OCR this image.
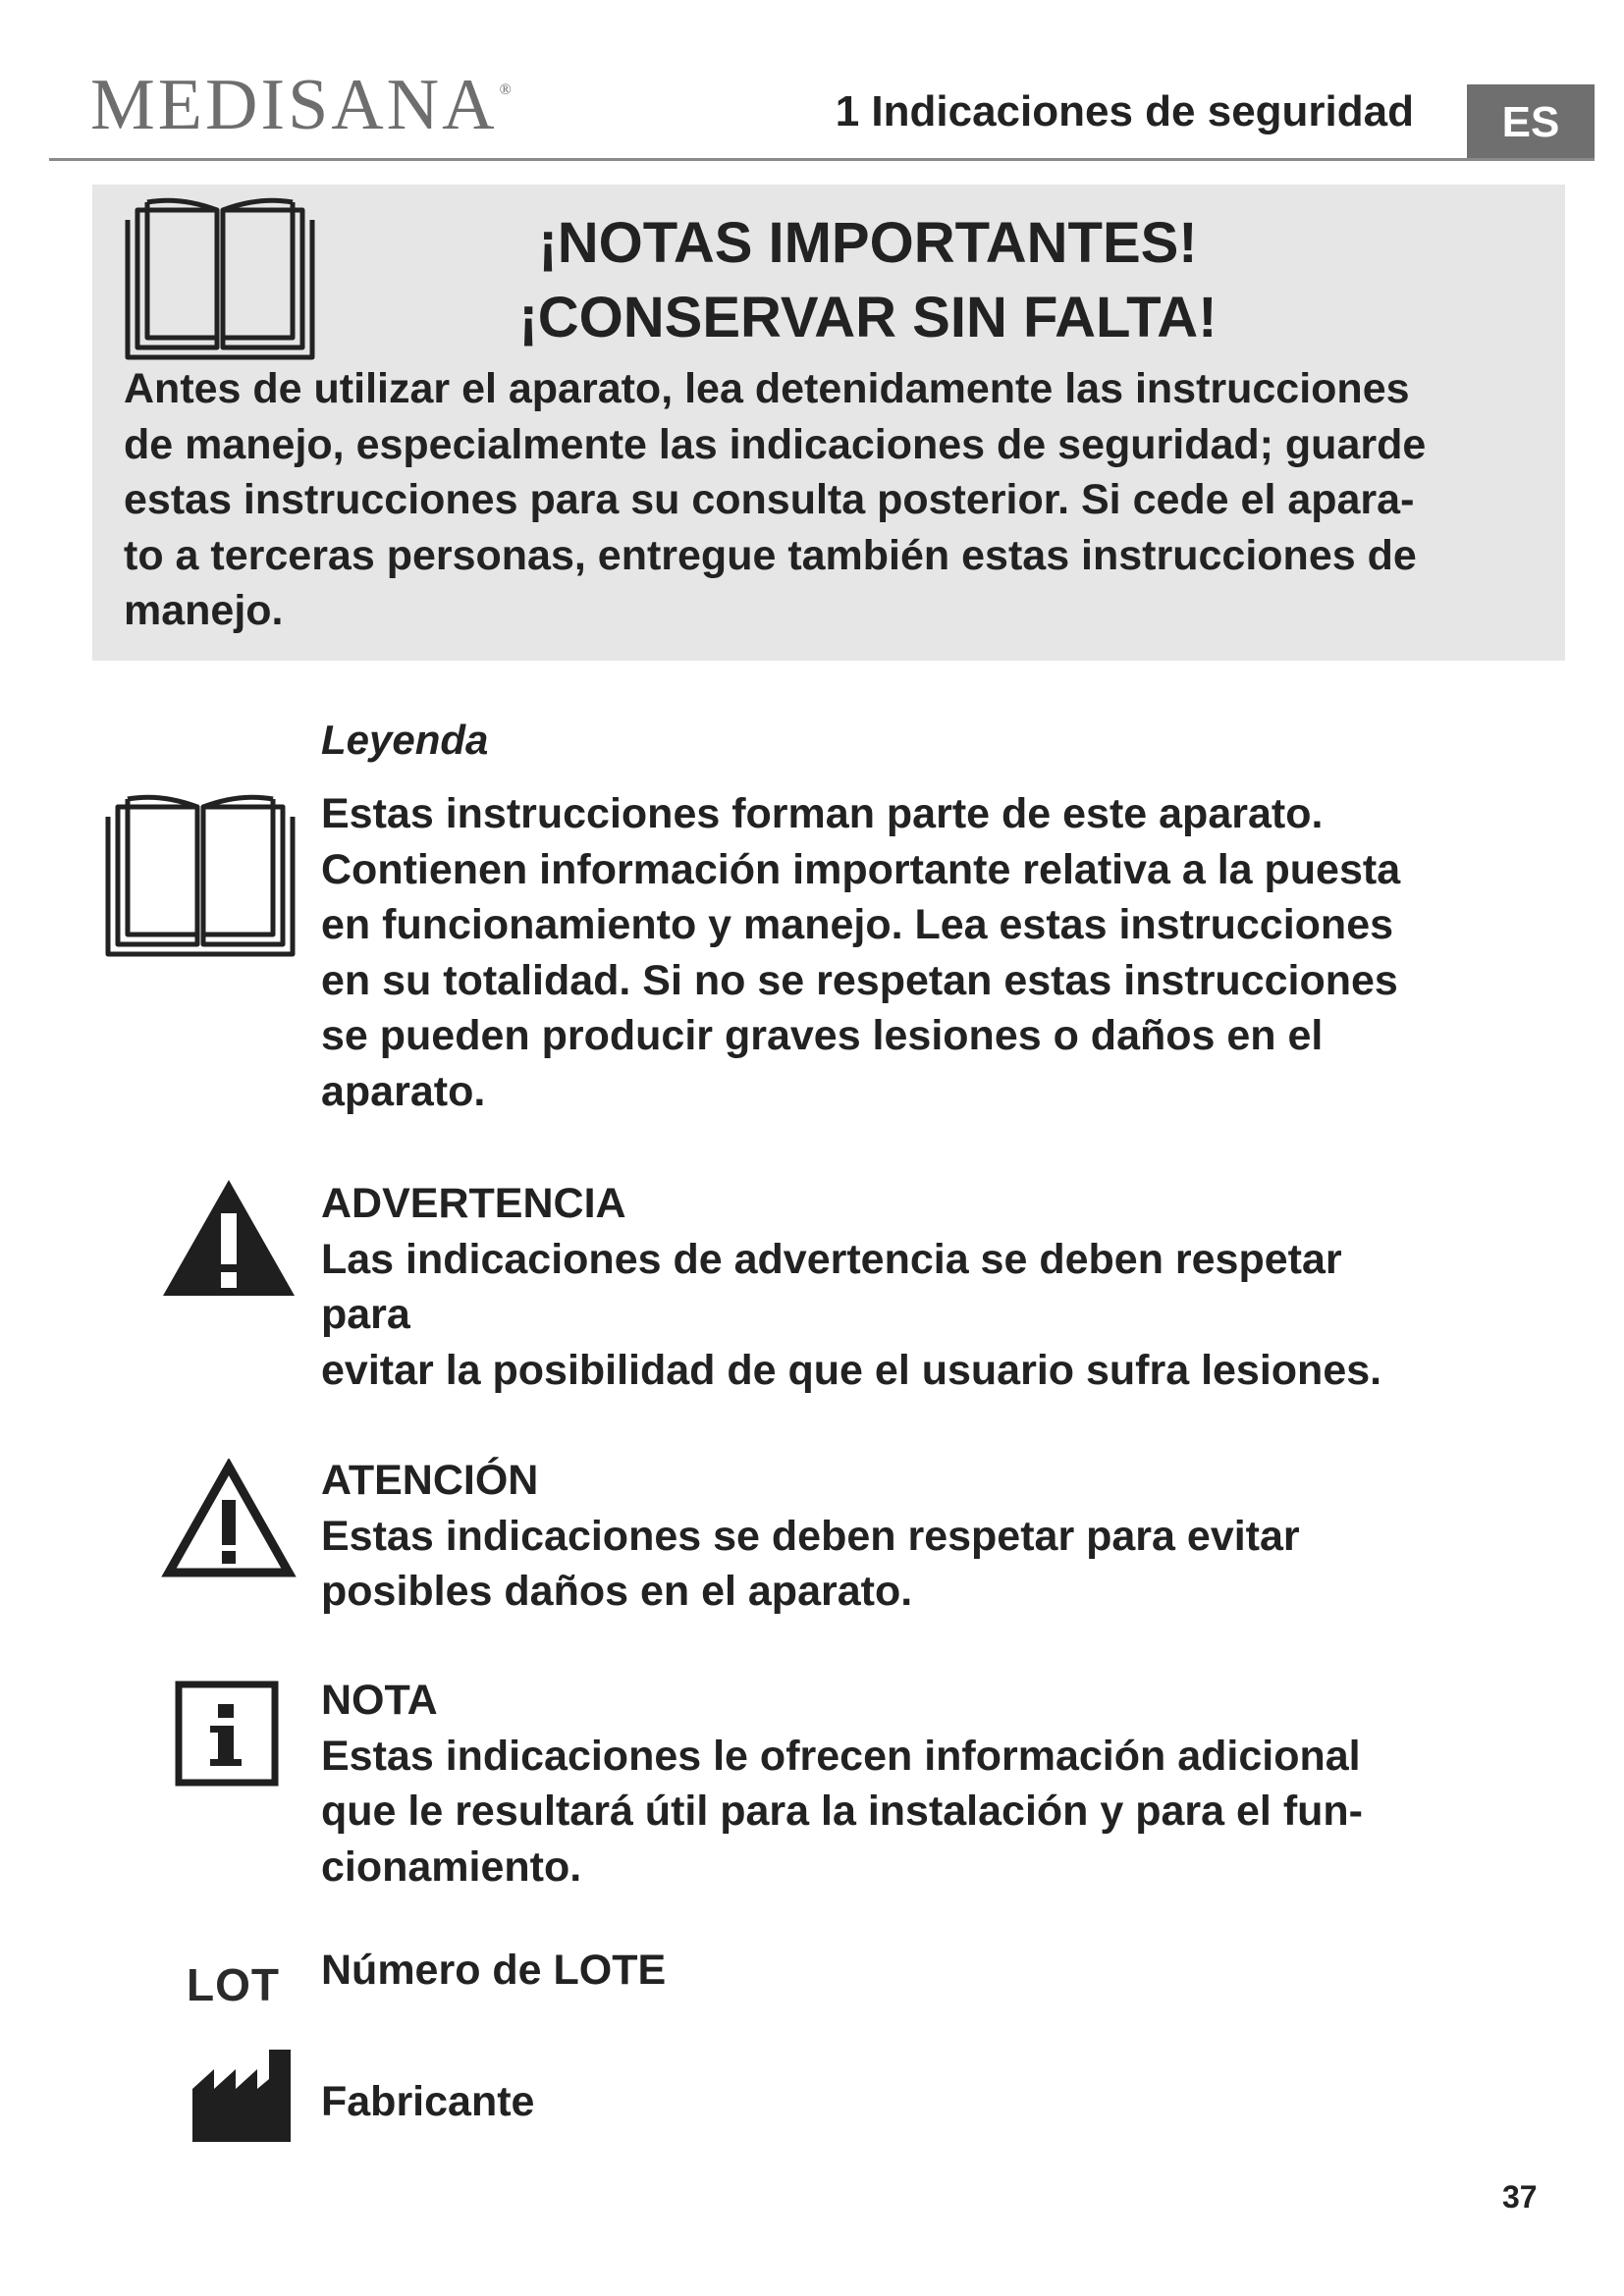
MEDISANA ®	1 Indicaciones de seguridad	ES
¡NOTAS IMPORTANTES!
¡CONSERVAR SIN FALTA!
Antes de utilizar el aparato, lea detenidamente las instrucciones
de manejo, especialmente las indicaciones de seguridad; guarde
estas instrucciones para su consulta posterior. Si cede el apara-
to a terceras personas, entregue también estas instrucciones de
manejo.
Leyenda
Estas instrucciones forman parte de este aparato.
Contienen información importante relativa a la puesta
en funcionamiento y manejo. Lea estas instrucciones
en su totalidad. Si no se respetan estas instrucciones
se pueden producir graves lesiones o daños en el
aparato.
ADVERTENCIA
Las indicaciones de advertencia se deben respetar
para
evitar la posibilidad de que el usuario sufra lesiones.
ATENCIÓN
Estas indicaciones se deben respetar para evitar
posibles daños en el aparato.
NOTA
Estas indicaciones le ofrecen información adicional
que le resultará útil para la instalación y para el fun-
cionamiento.
LOT Número de LOTE
Fabricante
37
